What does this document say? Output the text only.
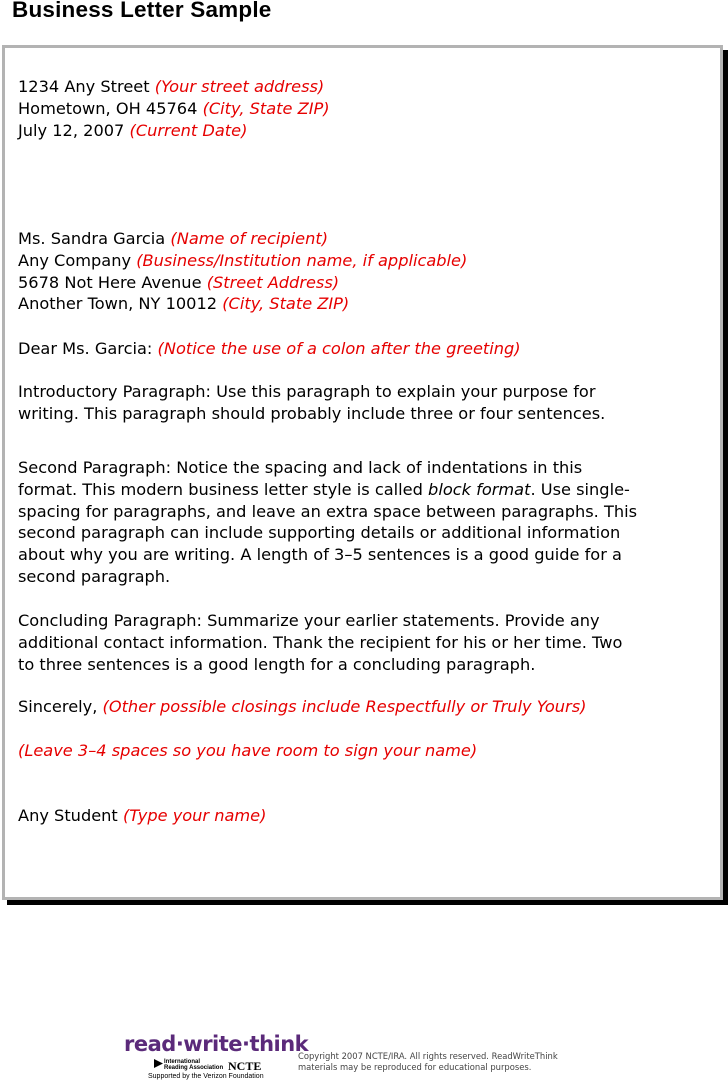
Business Letter Sample
1234 Any Street (Your street address)
Hometown, OH 45764 (City, State ZIP)
July 12, 2007 (Current Date)
Ms. Sandra Garcia (Name of recipient)
Any Company (Business/Institution name, if applicable)
5678 Not Here Avenue (Street Address)
Another Town, NY 10012 (City, State ZIP)
Dear Ms. Garcia: (Notice the use of a colon after the greeting)
Introductory Paragraph: Use this paragraph to explain your purpose for
writing. This paragraph should probably include three or four sentences.
Second Paragraph: Notice the spacing and lack of indentations in this
format. This modern business letter style is called block format. Use single-
spacing for paragraphs, and leave an extra space between paragraphs. This
second paragraph can include supporting details or additional information
about why you are writing. A length of 3–5 sentences is a good guide for a
second paragraph.
Concluding Paragraph: Summarize your earlier statements. Provide any
additional contact information. Thank the recipient for his or her time. Two
to three sentences is a good length for a concluding paragraph.
Sincerely, (Other possible closings include Respectfully or Truly Yours)
(Leave 3–4 spaces so you have room to sign your name)
Any Student (Type your name)
read·write·think
International
Reading Association NCTE
Supported by the Verizon Foundation
Copyright 2007 NCTE/IRA. All rights reserved. ReadWriteThink
materials may be reproduced for educational purposes.
